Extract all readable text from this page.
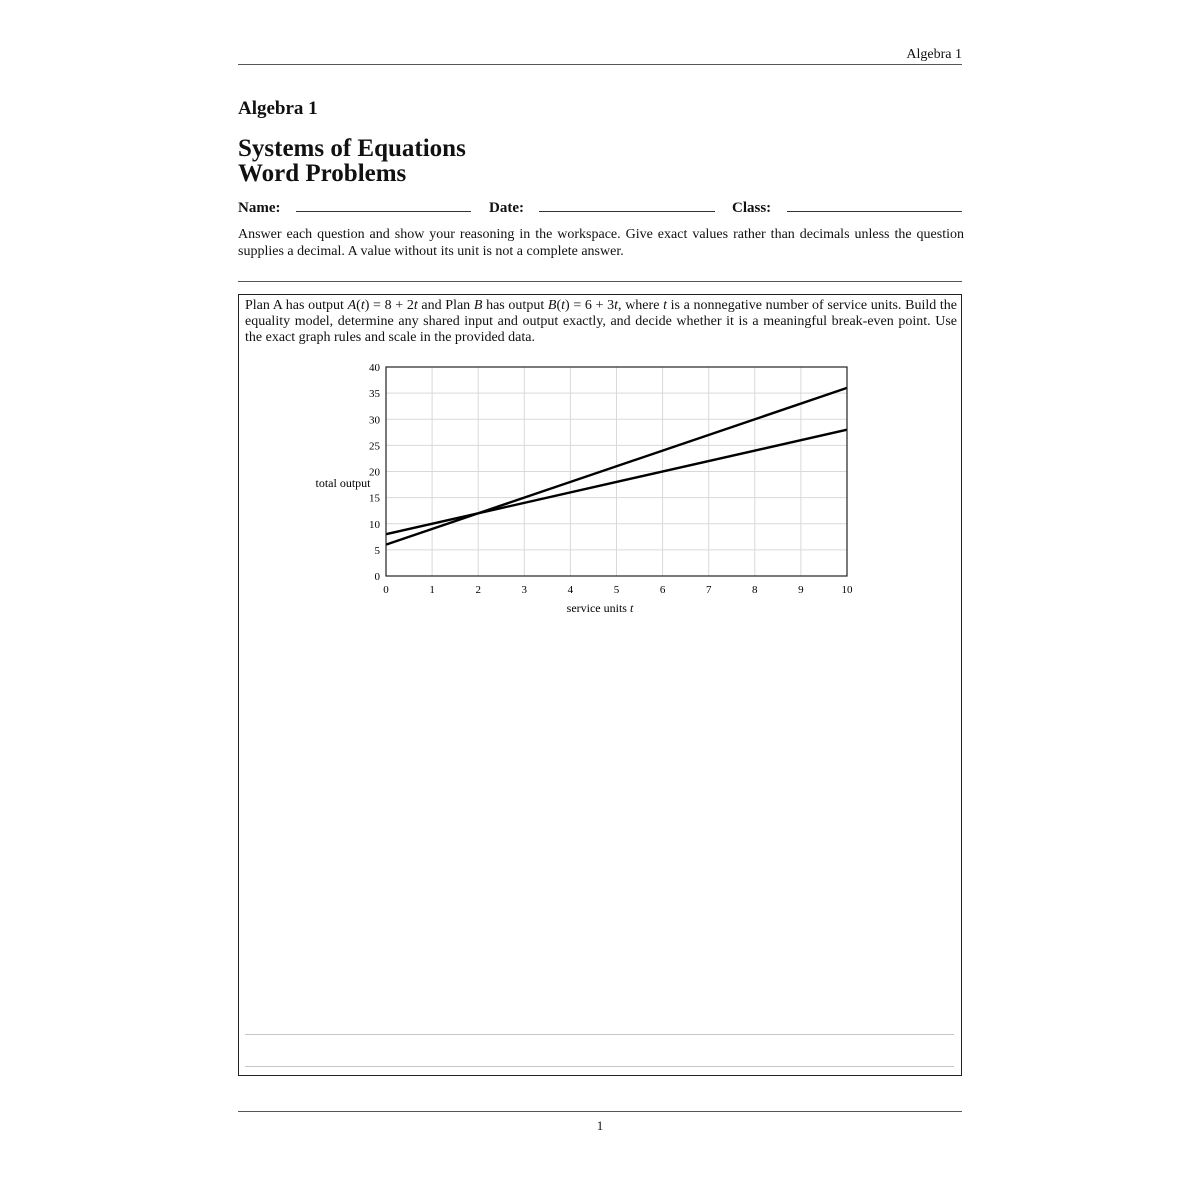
Algebra 1
Algebra 1
Systems of Equations
Word Problems
Name:	Date:	Class:
Answer each question and show your reasoning in the workspace. Give exact values rather than decimals unless the question supplies a decimal. A value without its unit is not a complete answer.
Plan A has output A(t) = 8 + 2t and Plan B has output B(t) = 6 + 3t, where t is a nonnegative number of service units. Build the equality model, determine any shared input and output exactly, and decide whether it is a meaningful break-even point. Use the exact graph rules and scale in the provided data.
0	1	2	3	4	5	6	7	8	9	10
0
5
10
15
20
25
30
35
40
total output
service units t
1
